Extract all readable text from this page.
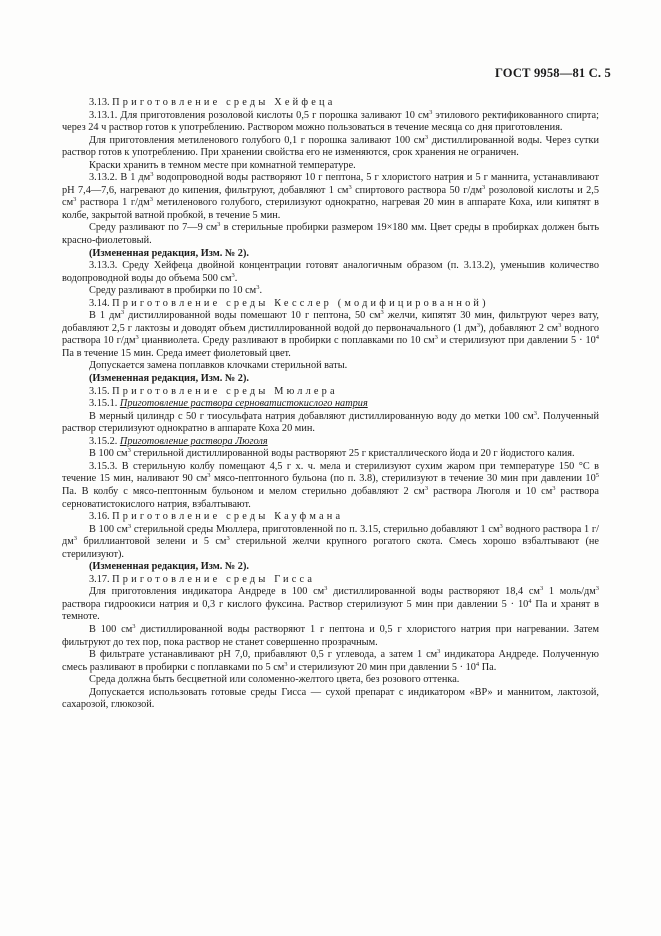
ГОСТ 9958—81 С. 5

3.13. Приготовление среды Хейфеца

3.13.1. Для приготовления розоловой кислоты 0,5 г порошка заливают 10 $см^3$ этилового ректификованного спирта; через 24 ч раствор готов к употреблению. Раствором можно пользоваться в течение месяца со дня приготовления.

Для приготовления метиленового голубого 0,1 г порошка заливают 100 $см^3$ дистиллированной воды. Через сутки раствор готов к употреблению. При хранении свойства его не изменяются, срок хранения не ограничен.

Краски хранить в темном месте при комнатной температуре.

3.13.2. В 1 $дм^3$ водопроводной воды растворяют 10 г пептона, 5 г хлористого натрия и 5 г маннита, устанавливают pH 7,4—7,6, нагревают до кипения, фильтруют, добавляют 1 $см^3$ спиртового раствора 50 $г/дм^3$ розоловой кислоты и 2,5 $см^3$ раствора 1 $г/дм^3$ метиленового голубого, стерилизуют однократно, нагревая 20 мин в аппарате Коха, или кипятят в колбе, закрытой ватной пробкой, в течение 5 мин.

Среду разливают по 7—9 $см^3$ в стерильные пробирки размером 19×180 мм. Цвет среды в пробирках должен быть красно-фиолетовый.

(Измененная редакция, Изм. № 2).

3.13.3. Среду Хейфеца двойной концентрации готовят аналогичным образом (п. 3.13.2), уменьшив количество водопроводной воды до объема 500 $см^3$.

Среду разливают в пробирки по 10 $см^3$.

3.14. Приготовление среды Кесслер (модифицированной)

В 1 $дм^3$ дистиллированной воды помешают 10 г пептона, 50 $см^3$ желчи, кипятят 30 мин, фильтруют через вату, добавляют 2,5 г лактозы и доводят объем дистиллированной водой до первоначального (1 $дм^3$), добавляют 2 $см^3$ водного раствора 10 $г/дм^3$ цианвиолета. Среду разливают в пробирки с поплавками по 10 $см^3$ и стерилизуют при давлении $5 \cdot 10^4$ Па в течение 15 мин. Среда имеет фиолетовый цвет.

Допускается замена поплавков клочками стерильной ваты.

(Измененная редакция, Изм. № 2).

3.15. Приготовление среды Мюллера

3.15.1. Приготовление раствора серноватистокислого натрия

В мерный цилиндр с 50 г тиосульфата натрия добавляют дистиллированную воду до метки 100 $см^3$. Полученный раствор стерилизуют однократно в аппарате Коха 20 мин.

3.15.2. Приготовление раствора Люголя

В 100 $см^3$ стерильной дистиллированной воды растворяют 25 г кристаллического йода и 20 г йодистого калия.

3.15.3. В стерильную колбу помещают 4,5 г х. ч. мела и стерилизуют сухим жаром при температуре 150 °С в течение 15 мин, наливают 90 $см^3$ мясо-пептонного бульона (по п. 3.8), стерилизуют в течение 30 мин при давлении $10^5$ Па. В колбу с мясо-пептонным бульоном и мелом стерильно добавляют 2 $см^3$ раствора Люголя и 10 $см^3$ раствора серноватистокислого натрия, взбалтывают.

3.16. Приготовление среды Кауфмана

В 100 $см^3$ стерильной среды Мюллера, приготовленной по п. 3.15, стерильно добавляют 1 $см^3$ водного раствора 1 $г/дм^3$ бриллиантовой зелени и 5 $см^3$ стерильной желчи крупного рогатого скота. Смесь хорошо взбалтывают (не стерилизуют).

(Измененная редакция, Изм. № 2).

3.17. Приготовление среды Гисса

Для приготовления индикатора Андреде в 100 $см^3$ дистиллированной воды растворяют 18,4 $см^3$ 1 моль/$дм^3$ раствора гидроокиси натрия и 0,3 г кислого фуксина. Раствор стерилизуют 5 мин при давлении $5 \cdot 10^4$ Па и хранят в темноте.

В 100 $см^3$ дистиллированной воды растворяют 1 г пептона и 0,5 г хлористого натрия при нагревании. Затем фильтруют до тех пор, пока раствор не станет совершенно прозрачным.

В фильтрате устанавливают pH 7,0, прибавляют 0,5 г углевода, а затем 1 $см^3$ индикатора Андреде. Полученную смесь разливают в пробирки с поплавками по 5 $см^3$ и стерилизуют 20 мин при давлении $5 \cdot 10^4$ Па.

Среда должна быть бесцветной или соломенно-желтого цвета, без розового оттенка.

Допускается использовать готовые среды Гисса — сухой препарат с индикатором «ВР» и маннитом, лактозой, сахарозой, глюкозой.
